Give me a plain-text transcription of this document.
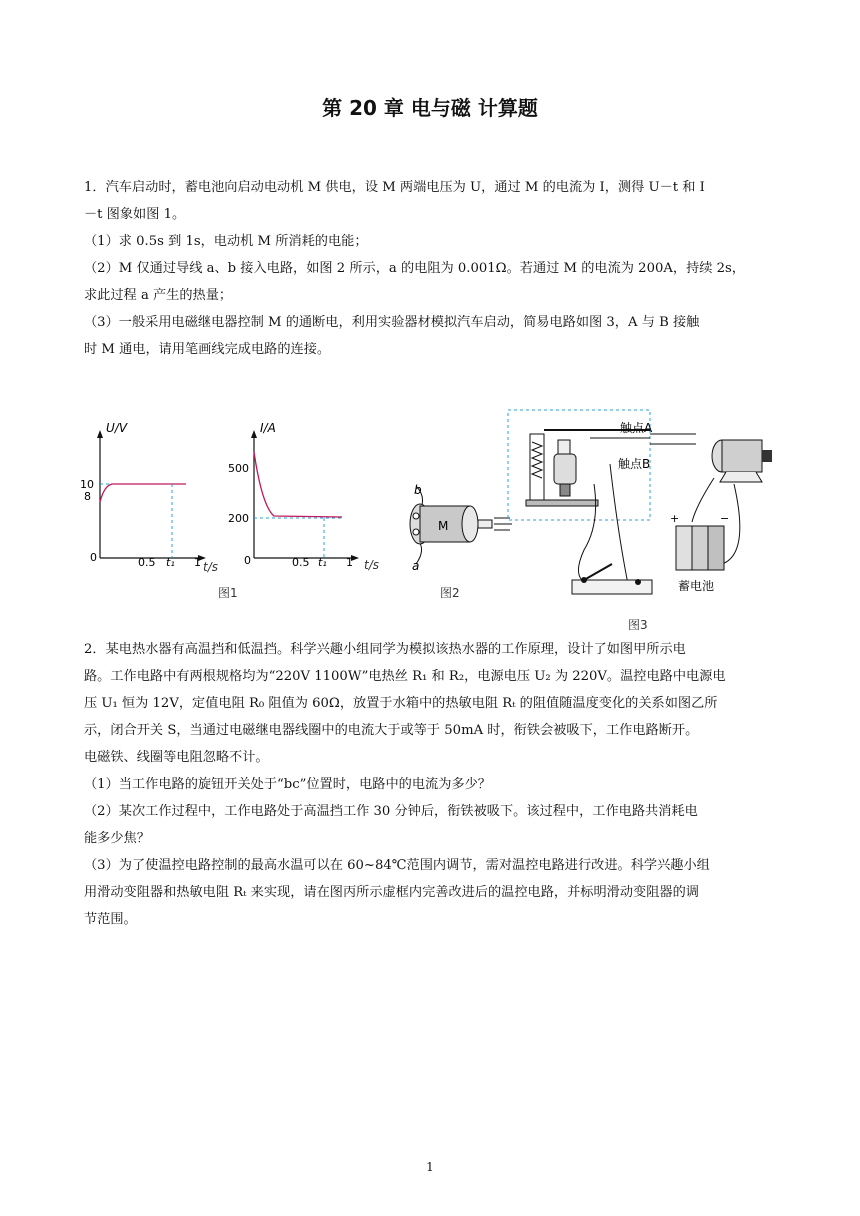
第 20 章 电与磁 计算题
1．汽车启动时，蓄电池向启动电动机 M 供电，设 M 两端电压为 U，通过 M 的电流为 I，测得 U－t 和 I
－t 图象如图 1。
（1）求 0.5s 到 1s，电动机 M 所消耗的电能；
（2）M 仅通过导线 a、b 接入电路，如图 2 所示，a 的电阻为 0.001Ω。若通过 M 的电流为 200A，持续 2s，
求此过程 a 产生的热量；
（3）一般采用电磁继电器控制 M 的通断电，利用实验器材模拟汽车启动，简易电路如图 3，A 与 B 接触
时 M 通电，请用笔画线完成电路的连接。
U/V
10
8
0	0.5 t₁ 1 t/s
I/A
500
200
0	0.5 t₁ 1 t/s
图1
M
b
a
图2
触点A
触点B
+	−
蓄电池
图3
2．某电热水器有高温挡和低温挡。科学兴趣小组同学为模拟该热水器的工作原理，设计了如图甲所示电
路。工作电路中有两根规格均为“220V 1100W”电热丝 R₁ 和 R₂，电源电压 U₂ 为 220V。温控电路中电源电
压 U₁ 恒为 12V，定值电阻 R₀ 阻值为 60Ω，放置于水箱中的热敏电阻 Rₜ 的阻值随温度变化的关系如图乙所
示，闭合开关 S，当通过电磁继电器线圈中的电流大于或等于 50mA 时，衔铁会被吸下，工作电路断开。
电磁铁、线圈等电阻忽略不计。
（1）当工作电路的旋钮开关处于“bc”位置时，电路中的电流为多少？
（2）某次工作过程中，工作电路处于高温挡工作 30 分钟后，衔铁被吸下。该过程中，工作电路共消耗电
能多少焦？
（3）为了使温控电路控制的最高水温可以在 60~84℃范围内调节，需对温控电路进行改进。科学兴趣小组
用滑动变阻器和热敏电阻 Rₜ 来实现，请在图丙所示虚框内完善改进后的温控电路，并标明滑动变阻器的调
节范围。
1
